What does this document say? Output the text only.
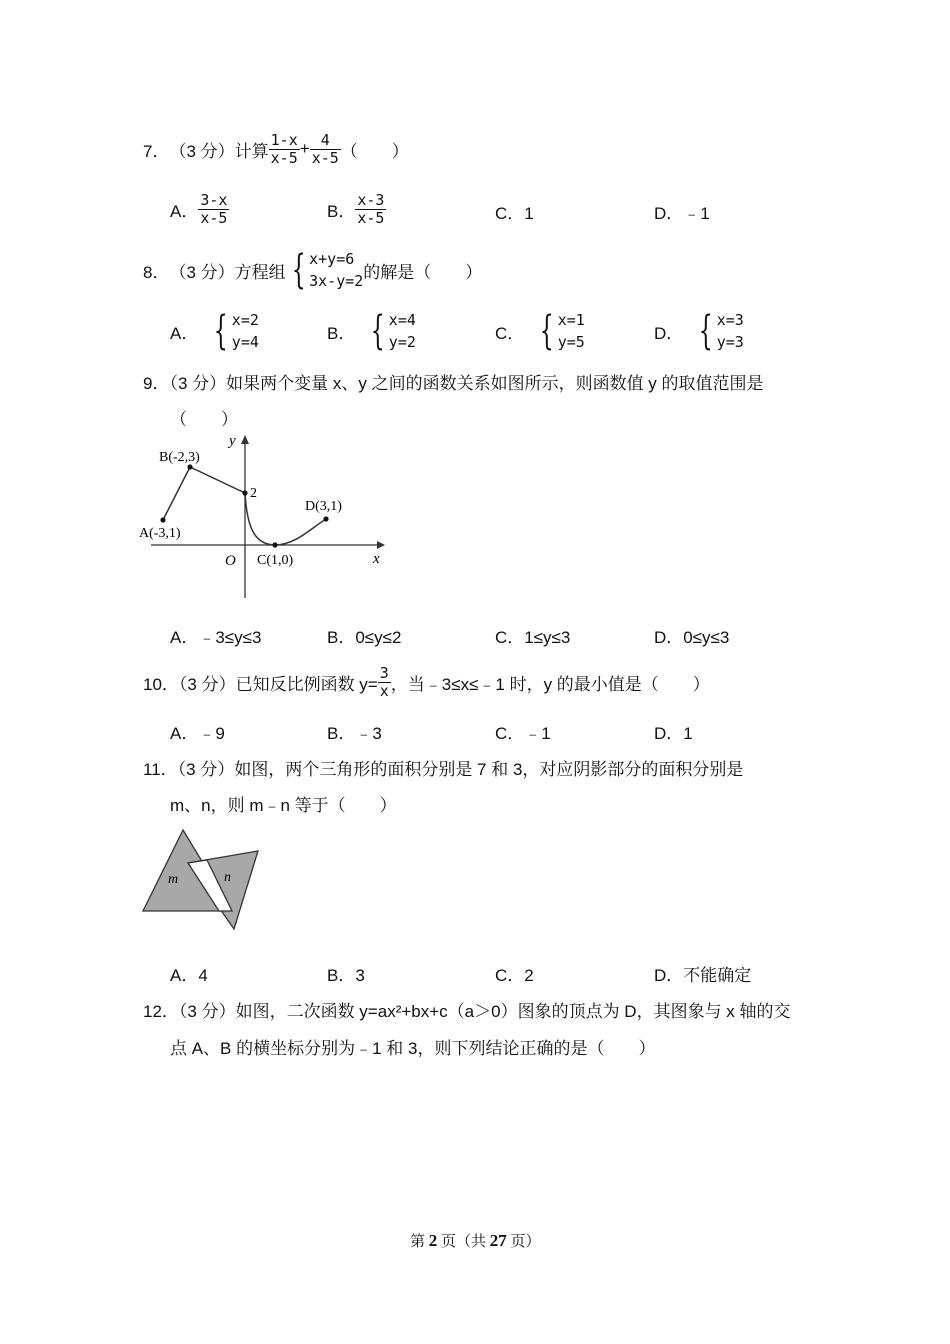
7． （3 分） 计算 $\frac{1-x}{x-5} + \frac{4}{x-5}$ （　　）
A． $\frac{3-x}{x-5}$	B． $\frac{x-3}{x-5}$	C．1	D．﹣1
8． （3 分） 方程组 { x+y=6
3x-y=2 的解是（　　）
A． { x=2
y=4	B． { x=4
y=2	C． { x=1
y=5	D． { x=3
y=3
9．（3 分）如果两个变量 x、y 之间的函数关系如图所示，则函数值 y 的取值范围是
（　　）
y
x
O
A(-3,1)
B(-2,3)
C(1,0)
D(3,1)
2
A．﹣3≤y≤3	B．0≤y≤2	C．1≤y≤3	D．0≤y≤3
10．（3 分）已知反比例函数 $y= \frac{3}{x}$ ，当﹣3≤x≤﹣1 时，y 的最小值是（　　）
A．﹣9	B．﹣3	C．﹣1	D．1
11．（3 分）如图，两个三角形的面积分别是 7 和 3，对应阴影部分的面积分别是
m、n，则 m﹣n 等于（　　）
m	n
A．4	B．3	C．2	D．不能确定
12．（3 分）如图，二次函数 y=ax²+bx+c（a＞0）图象的顶点为 D，其图象与 x 轴的交
点 A、B 的横坐标分别为﹣1 和 3，则下列结论正确的是（　　）
第 2 页（共 27 页）
